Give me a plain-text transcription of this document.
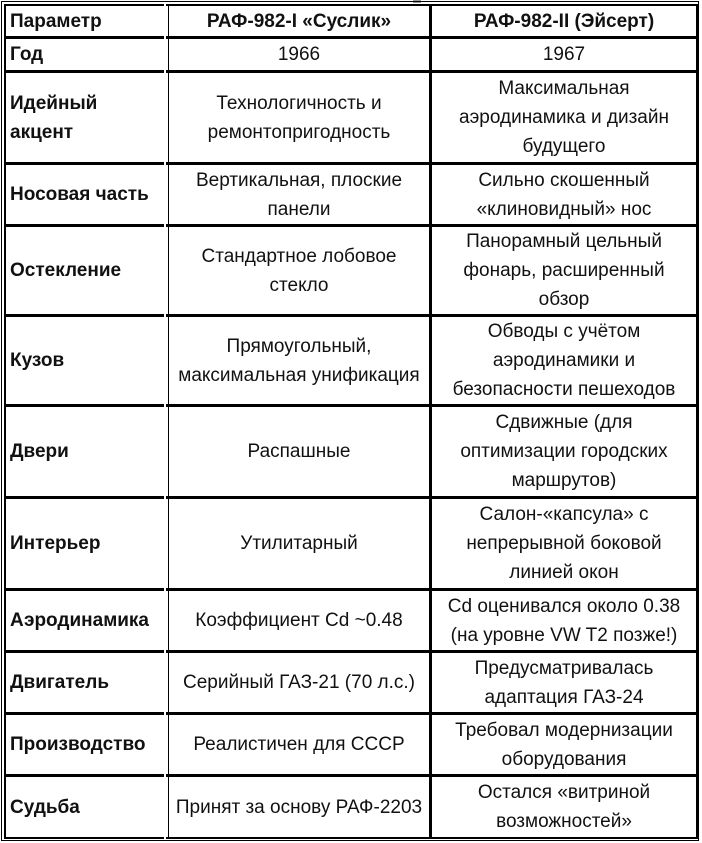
Параметр	РАФ-982-I «Суслик»	РАФ-982-II (Эйсерт)
Год	1966	1967
Идейный акцент	Технологичность и ремонтопригодность	Максимальная аэродинамика и дизайн будущего
Носовая часть	Вертикальная, плоские панели	Сильно скошенный «клиновидный» нос
Остекление	Стандартное лобовое стекло	Панорамный цельный фонарь, расширенный обзор
Кузов	Прямоугольный, максимальная унификация	Обводы с учётом аэродинамики и безопасности пешеходов
Двери	Распашные	Сдвижные (для оптимизации городских маршрутов)
Интерьер	Утилитарный	Салон-«капсула» с непрерывной боковой линией окон
Аэродинамика	Коэффициент Cd ~0.48	Cd оценивался около 0.38 (на уровне VW T2 позже!)
Двигатель	Серийный ГАЗ-21 (70 л.с.)	Предусматривалась адаптация ГАЗ-24
Производство	Реалистичен для СССР	Требовал модернизации оборудования
Судьба	Принят за основу РАФ-2203	Остался «витриной возможностей»
